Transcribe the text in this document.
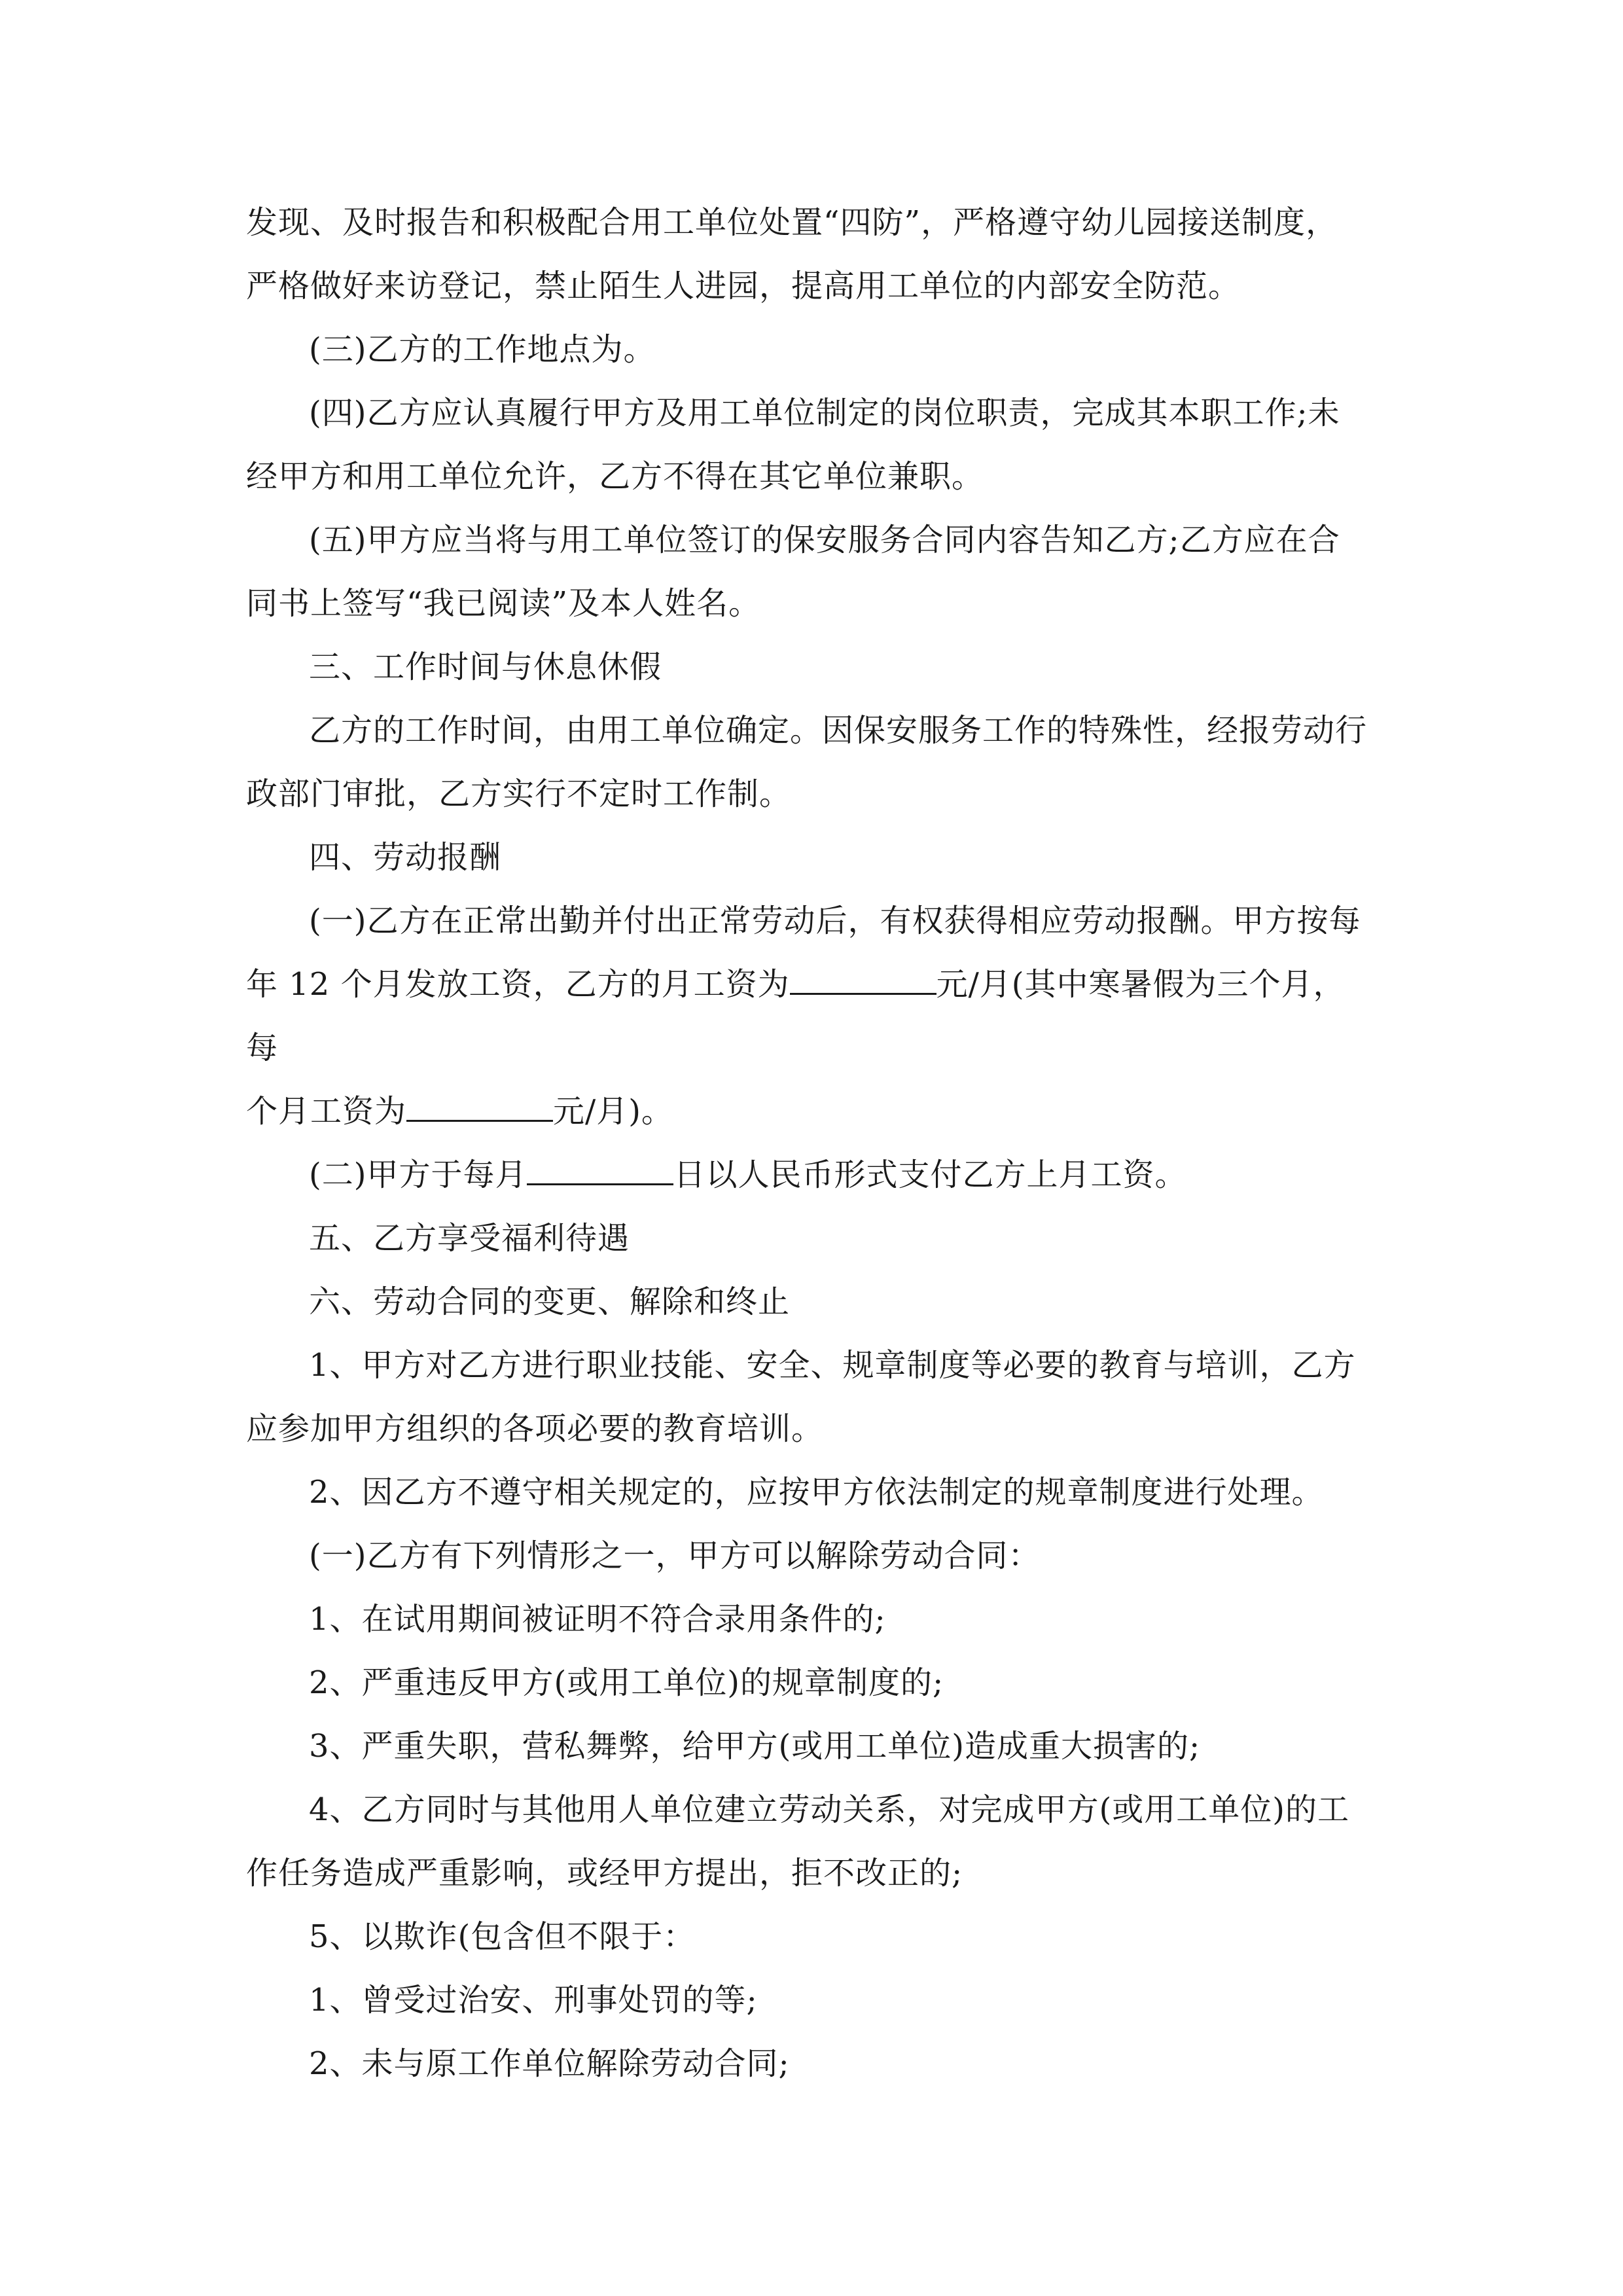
发现、及时报告和积极配合用工单位处置“四防”，严格遵守幼儿园接送制度，
严格做好来访登记，禁止陌生人进园，提高用工单位的内部安全防范。
(三)乙方的工作地点为。
(四)乙方应认真履行甲方及用工单位制定的岗位职责，完成其本职工作;未
经甲方和用工单位允许，乙方不得在其它单位兼职。
(五)甲方应当将与用工单位签订的保安服务合同内容告知乙方;乙方应在合
同书上签写“我已阅读”及本人姓名。
三、工作时间与休息休假
乙方的工作时间，由用工单位确定。因保安服务工作的特殊性，经报劳动行
政部门审批，乙方实行不定时工作制。
四、劳动报酬
(一)乙方在正常出勤并付出正常劳动后，有权获得相应劳动报酬。甲方按每
年 12 个月发放工资，乙方的月工资为	元/月(其中寒暑假为三个月，每
个月工资为	元/月)。
(二)甲方于每月	日以人民币形式支付乙方上月工资。
五、乙方享受福利待遇
六、劳动合同的变更、解除和终止
1、甲方对乙方进行职业技能、安全、规章制度等必要的教育与培训，乙方
应参加甲方组织的各项必要的教育培训。
2、因乙方不遵守相关规定的，应按甲方依法制定的规章制度进行处理。
(一)乙方有下列情形之一，甲方可以解除劳动合同：
1、在试用期间被证明不符合录用条件的;
2、严重违反甲方(或用工单位)的规章制度的;
3、严重失职，营私舞弊，给甲方(或用工单位)造成重大损害的;
4、乙方同时与其他用人单位建立劳动关系，对完成甲方(或用工单位)的工
作任务造成严重影响，或经甲方提出，拒不改正的;
5、以欺诈(包含但不限于：
1、曾受过治安、刑事处罚的等;
2、未与原工作单位解除劳动合同;
